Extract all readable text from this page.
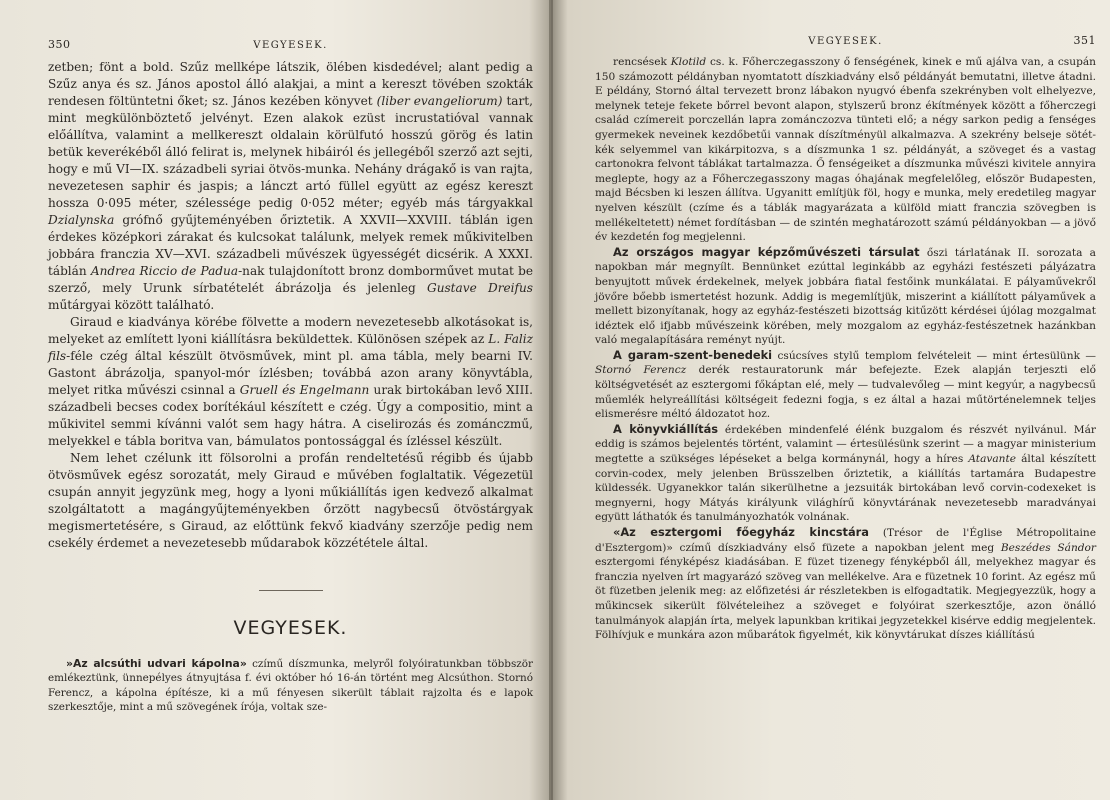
350	VEGYESEK.

zetben; fönt a bold. Szűz mellképe látszik, ölében kisdedével; alant pedig a Szűz anya és sz. János apostol álló alakjai, a mint a kereszt tövében szokták rendesen föltüntetni őket; sz. János kezében könyvet (liber evangeliorum) tart, mint megkülönböztető jelvényt. Ezen alakok ezüst incrustatióval vannak előállítva, valamint a mellkereszt oldalain körülfutó hosszú görög és latin betük keverékéből álló felirat is, melynek hibáiról és jellegéből szerző azt sejti, hogy e mű VI—IX. századbeli syriai ötvös-munka. Nehány drágakő is van rajta, nevezetesen saphir és jaspis; a lánczt artó füllel együtt az egész kereszt hossza 0·095 méter, szélessége pedig 0·052 méter; egyéb más tárgyakkal Dzialynska grófnő gyűjteményében őriztetik. A XXVII—XXVIII. táblán igen érdekes középkori zárakat és kulcsokat találunk, melyek remek műkivitelben jobbára franczia XV—XVI. századbeli művészek ügyességét dicsérik. A XXXI. táblán Andrea Riccio de Padua-nak tulajdonított bronz domborművet mutat be szerző, mely Urunk sírbatételét ábrázolja és jelenleg Gustave Dreifus műtárgyai között található.

Giraud e kiadványa körébe fölvette a modern nevezetesebb alkotásokat is, melyeket az említett lyoni kiállításra beküldettek. Különösen szépek az L. Faliz fils-féle czég által készült ötvösművek, mint pl. ama tábla, mely bearni IV. Gastont ábrázolja, spanyol-mór ízlésben; továbbá azon arany könyvtábla, melyet ritka művészi csinnal a Gruell és Engelmann urak birtokában levő XIII. századbeli becses codex borítékául készített e czég. Úgy a compositio, mint a műkivitel semmi kívánni valót sem hagy hátra. A ciselirozás és zománczmű, melyekkel e tábla boritva van, bámulatos pontossággal és ízléssel készült.

Nem lehet czélunk itt fölsorolni a profán rendeltetésű régibb és újabb ötvösművek egész sorozatát, mely Giraud e művében foglaltatik. Végezetül csupán annyit jegyzünk meg, hogy a lyoni műkiállítás igen kedvező alkalmat szolgáltatott a magángyűjteményekben őrzött nagybecsű ötvöstárgyak megismertetésére, s Giraud, az előttünk fekvő kiadvány szerzője pedig nem csekély érdemet a nevezetesebb műdarabok közzététele által.

VEGYESEK.

»Az alcsúthi udvari kápolna» czímű díszmunka, melyről folyóiratunkban többször emlékeztünk, ünnepélyes átnyujtása f. évi október hó 16-án történt meg Alcsúthon. Stornó Ferencz, a kápolna építésze, ki a mű fényesen sikerült táblait rajzolta és e lapok szerkesztője, mint a mű szövegének írója, voltak sze-

VEGYESEK.	351

rencsések Klotild cs. k. Főherczegasszony ő fenségének, kinek e mű ajálva van, a csupán 150 számozott példányban nyomtatott díszkiadvány első példányát bemutatni, illetve átadni. E példány, Stornó által tervezett bronz lábakon nyugvó ébenfa szekrényben volt elhelyezve, melynek teteje fekete bőrrel bevont alapon, stylszerű bronz ékítmények között a főherczegi család czímereit porczellán lapra zománczozva tünteti elő; a négy sarkon pedig a fenséges gyermekek neveinek kezdőbetűi vannak díszítményül alkalmazva. A szekrény belseje sötét-kék selyemmel van kikárpitozva, s a díszmunka 1 sz. példányát, a szöveget és a vastag cartonokra felvont táblákat tartalmazza. Ő fenségeiket a díszmunka művészi kivitele annyira meglepte, hogy az a Főherczegasszony magas óhajának megfelelőleg, először Budapesten, majd Bécsben ki leszen állítva. Ugyanitt említjük föl, hogy e munka, mely eredetileg magyar nyelven készült (czíme és a táblák magyarázata a külföld miatt franczia szövegben is mellékeltetett) német fordításban — de szintén meghatározott számú példányokban — a jövő év kezdetén fog megjelenni.

Az országos magyar képzőművészeti társulat őszi tárlatának II. sorozata a napokban már megnyílt. Bennünket ezúttal leginkább az egyházi festészeti pályázatra benyujtott művek érdekelnek, melyek jobbára fiatal festőink munkálatai. E pályaművekről jövőre bőebb ismertetést hozunk. Addig is megemlítjük, miszerint a kiállított pályaművek a mellett bizonyítanak, hogy az egyház-festészeti bizottság kitűzött kérdései újólag mozgalmat idéztek elő ifjabb művészeink körében, mely mozgalom az egyház-festészetnek hazánkban való megalapítására reményt nyújt.

A garam-szent-benedeki csúcsíves stylű templom felvételeit — mint értesülünk — Stornó Ferencz derék restauratorunk már befejezte. Ezek alapján terjeszti elő költségvetését az esztergomi főkáptan elé, mely — tudvalevőleg — mint kegyúr, a nagybecsű műemlék helyreállítási költségeit fedezni fogja, s ez által a hazai műtörténelemnek teljes elismerésre méltó áldozatot hoz.

A könyvkiállítás érdekében mindenfelé élénk buzgalom és részvét nyilvánul. Már eddig is számos bejelentés történt, valamint — értesülésünk szerint — a magyar ministerium megtette a szükséges lépéseket a belga kormánynál, hogy a híres Atavante által készített corvin-codex, mely jelenben Brüsszelben őriztetik, a kiállítás tartamára Budapestre küldessék. Ugyanekkor talán sikerülhetne a jezsuiták birtokában levő corvin-codexeket is megnyerni, hogy Mátyás királyunk világhírű könyvtárának nevezetesebb maradványai együtt láthatók és tanulmányozhatók volnának.

«Az esztergomi főegyház kincstára (Trésor de l'Église Métropolitaine d'Esztergom)» czímű díszkiadvány első füzete a napokban jelent meg Beszédes Sándor esztergomi fényképész kiadásában. E füzet tizenegy fényképből áll, melyekhez magyar és franczia nyelven írt magyarázó szöveg van mellékelve. Ara e füzetnek 10 forint. Az egész mű öt füzetben jelenik meg: az előfizetési ár részletekben is elfogadtatik. Megjegyezzük, hogy a műkincsek sikerült fölvételeihez a szöveget e folyóirat szerkesztője, azon önálló tanulmányok alapján írta, melyek lapunkban kritikai jegyzetekkel kisérve eddig megjelentek. Fölhívjuk e munkára azon műbarátok figyelmét, kik könyvtárukat díszes kiállítású
